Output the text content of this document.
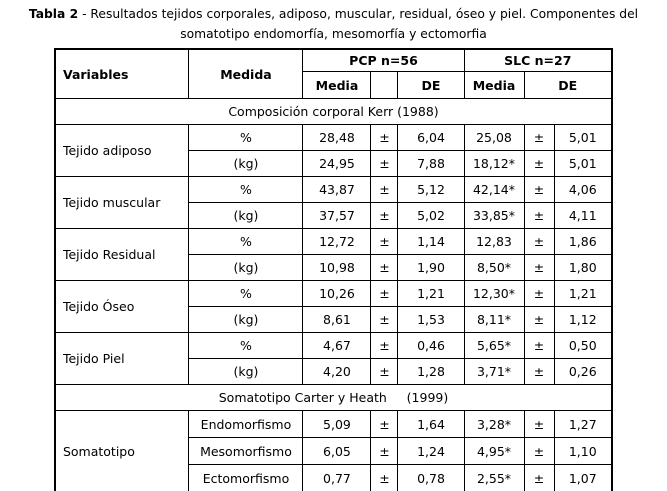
Tabla 2 - Resultados tejidos corporales, adiposo, muscular, residual, óseo y piel. Componentes del
somatotipo endomorfía, mesomorfía y ectomorfia
Variables	Medida	PCP n=56			SLC n=27		
		Media		DE	Media	DE	
Composición corporal Kerr (1988)							
Tejido adiposo	%	28,48	±	6,04	25,08	±	5,01
	(kg)	24,95	±	7,88	18,12*	±	5,01
Tejido muscular	%	43,87	±	5,12	42,14*	±	4,06
	(kg)	37,57	±	5,02	33,85*	±	4,11
Tejido Residual	%	12,72	±	1,14	12,83	±	1,86
	(kg)	10,98	±	1,90	8,50*	±	1,80
Tejido Óseo	%	10,26	±	1,21	12,30*	±	1,21
	(kg)	8,61	±	1,53	8,11*	±	1,12
Tejido Piel	%	4,67	±	0,46	5,65*	±	0,50
	(kg)	4,20	±	1,28	3,71*	±	0,26
Somatotipo Carter y Heath     (1999)							
Somatotipo	Endomorfismo	5,09	±	1,64	3,28*	±	1,27
	Mesomorfismo	6,05	±	1,24	4,95*	±	1,10
	Ectomorfismo	0,77	±	0,78	2,55*	±	1,07
